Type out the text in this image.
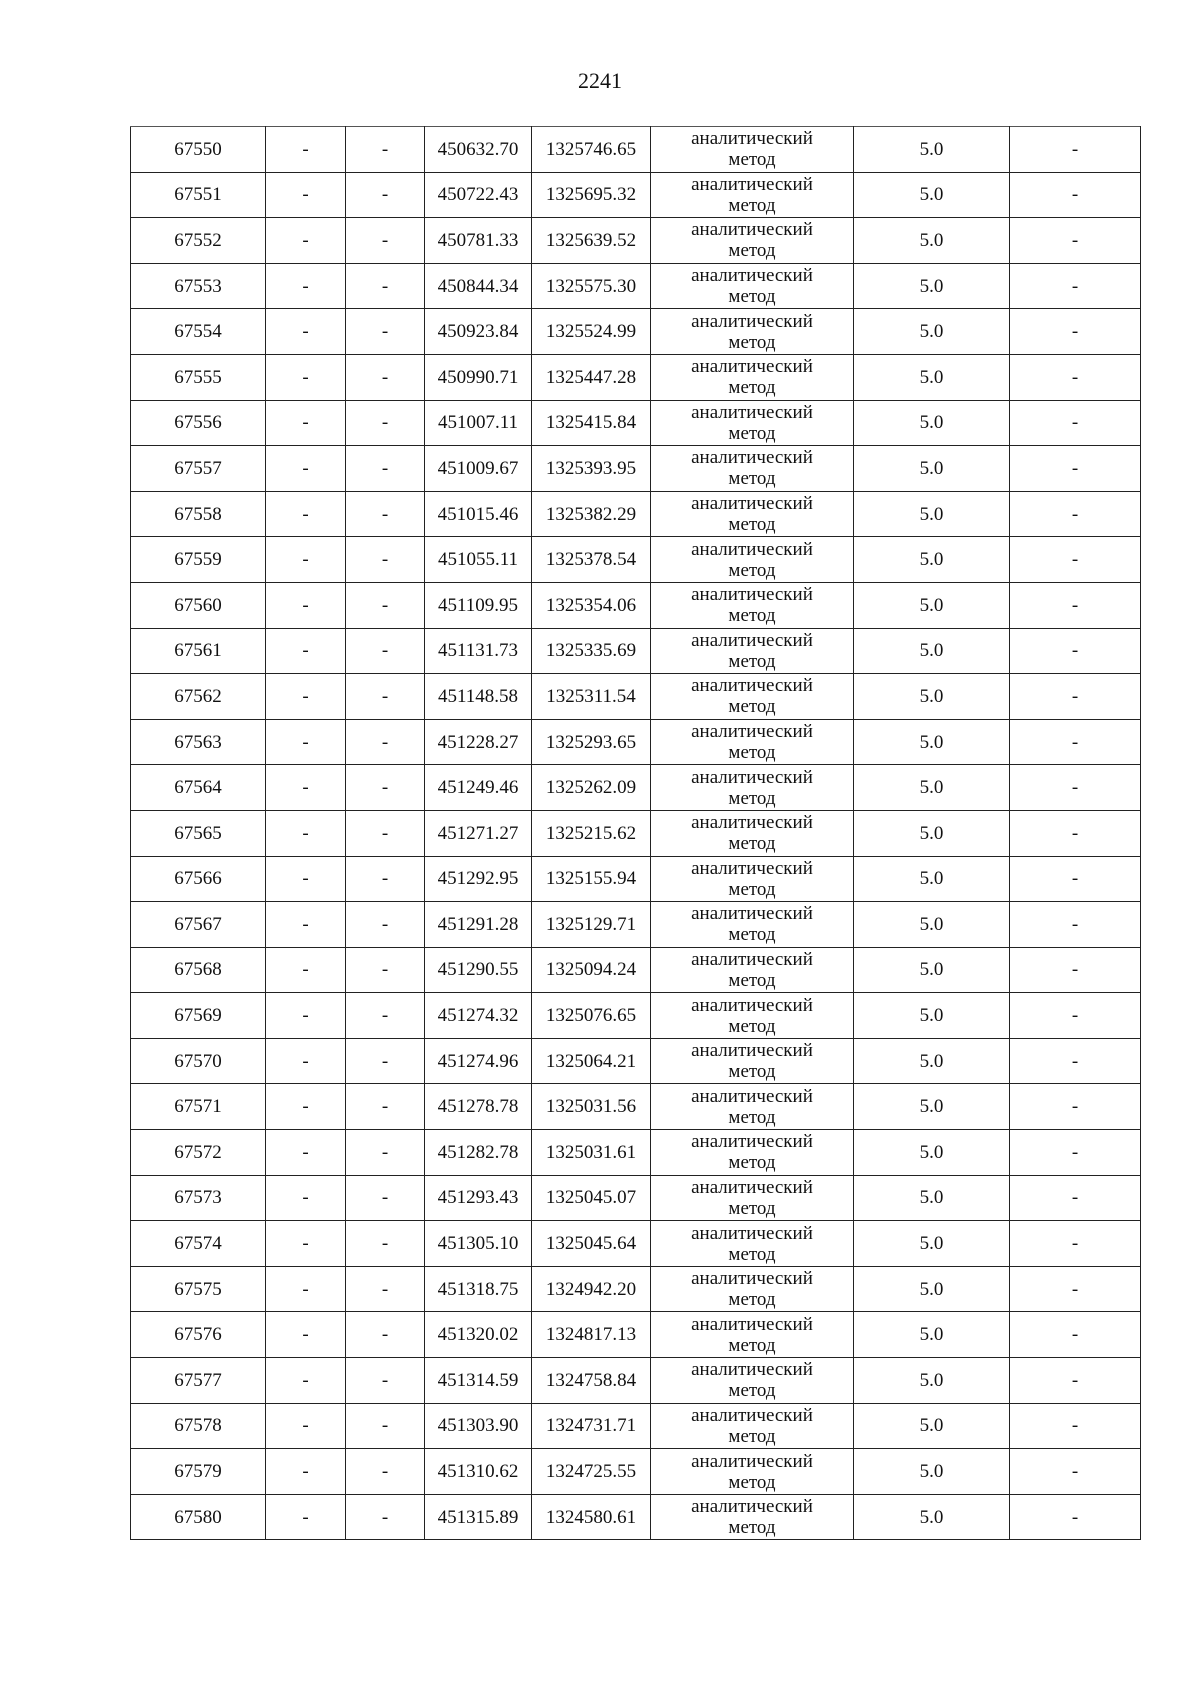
2241
67550	-	-	450632.70	1325746.65	аналитический
метод	5.0	-
67551	-	-	450722.43	1325695.32	аналитический
метод	5.0	-
67552	-	-	450781.33	1325639.52	аналитический
метод	5.0	-
67553	-	-	450844.34	1325575.30	аналитический
метод	5.0	-
67554	-	-	450923.84	1325524.99	аналитический
метод	5.0	-
67555	-	-	450990.71	1325447.28	аналитический
метод	5.0	-
67556	-	-	451007.11	1325415.84	аналитический
метод	5.0	-
67557	-	-	451009.67	1325393.95	аналитический
метод	5.0	-
67558	-	-	451015.46	1325382.29	аналитический
метод	5.0	-
67559	-	-	451055.11	1325378.54	аналитический
метод	5.0	-
67560	-	-	451109.95	1325354.06	аналитический
метод	5.0	-
67561	-	-	451131.73	1325335.69	аналитический
метод	5.0	-
67562	-	-	451148.58	1325311.54	аналитический
метод	5.0	-
67563	-	-	451228.27	1325293.65	аналитический
метод	5.0	-
67564	-	-	451249.46	1325262.09	аналитический
метод	5.0	-
67565	-	-	451271.27	1325215.62	аналитический
метод	5.0	-
67566	-	-	451292.95	1325155.94	аналитический
метод	5.0	-
67567	-	-	451291.28	1325129.71	аналитический
метод	5.0	-
67568	-	-	451290.55	1325094.24	аналитический
метод	5.0	-
67569	-	-	451274.32	1325076.65	аналитический
метод	5.0	-
67570	-	-	451274.96	1325064.21	аналитический
метод	5.0	-
67571	-	-	451278.78	1325031.56	аналитический
метод	5.0	-
67572	-	-	451282.78	1325031.61	аналитический
метод	5.0	-
67573	-	-	451293.43	1325045.07	аналитический
метод	5.0	-
67574	-	-	451305.10	1325045.64	аналитический
метод	5.0	-
67575	-	-	451318.75	1324942.20	аналитический
метод	5.0	-
67576	-	-	451320.02	1324817.13	аналитический
метод	5.0	-
67577	-	-	451314.59	1324758.84	аналитический
метод	5.0	-
67578	-	-	451303.90	1324731.71	аналитический
метод	5.0	-
67579	-	-	451310.62	1324725.55	аналитический
метод	5.0	-
67580	-	-	451315.89	1324580.61	аналитический
метод	5.0	-
